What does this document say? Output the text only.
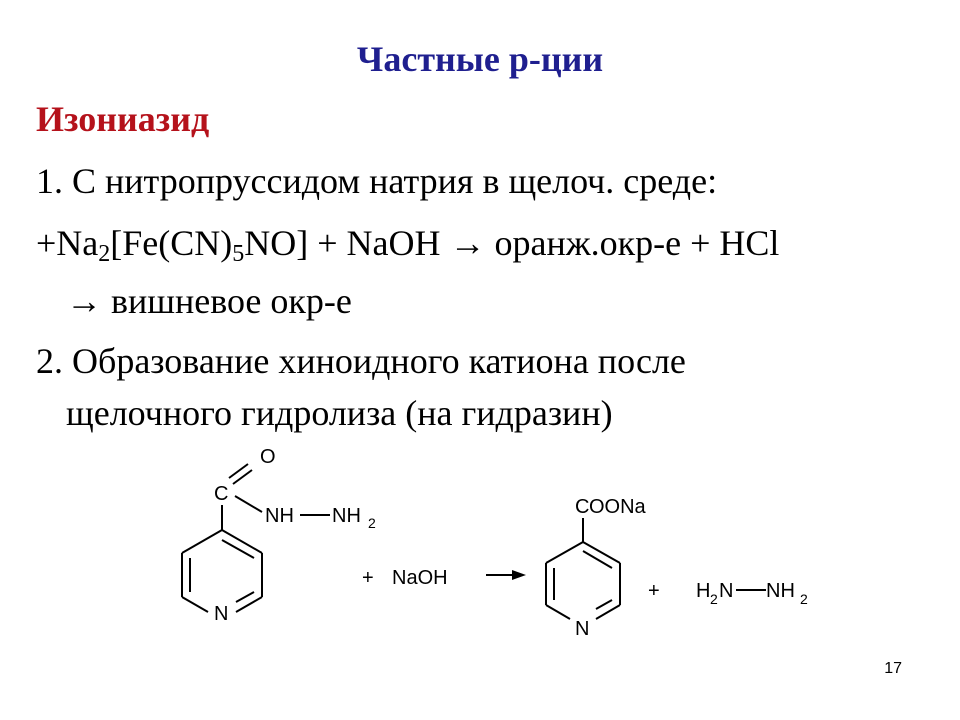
Частные р-ции
Изониазид
1. С нитропруссидом натрия в щелоч. среде:
$+Na_2[Fe(CN)_5NO]$ + NaOH → оранж.окр-е + HCl
→ вишневое окр-е
2. Образование хиноидного катиона после
щелочного гидролиза (на гидразин)
O
C
NH NH 2
N
+ NaOH
C OONa
N
+ H 2 N NH 2
17
